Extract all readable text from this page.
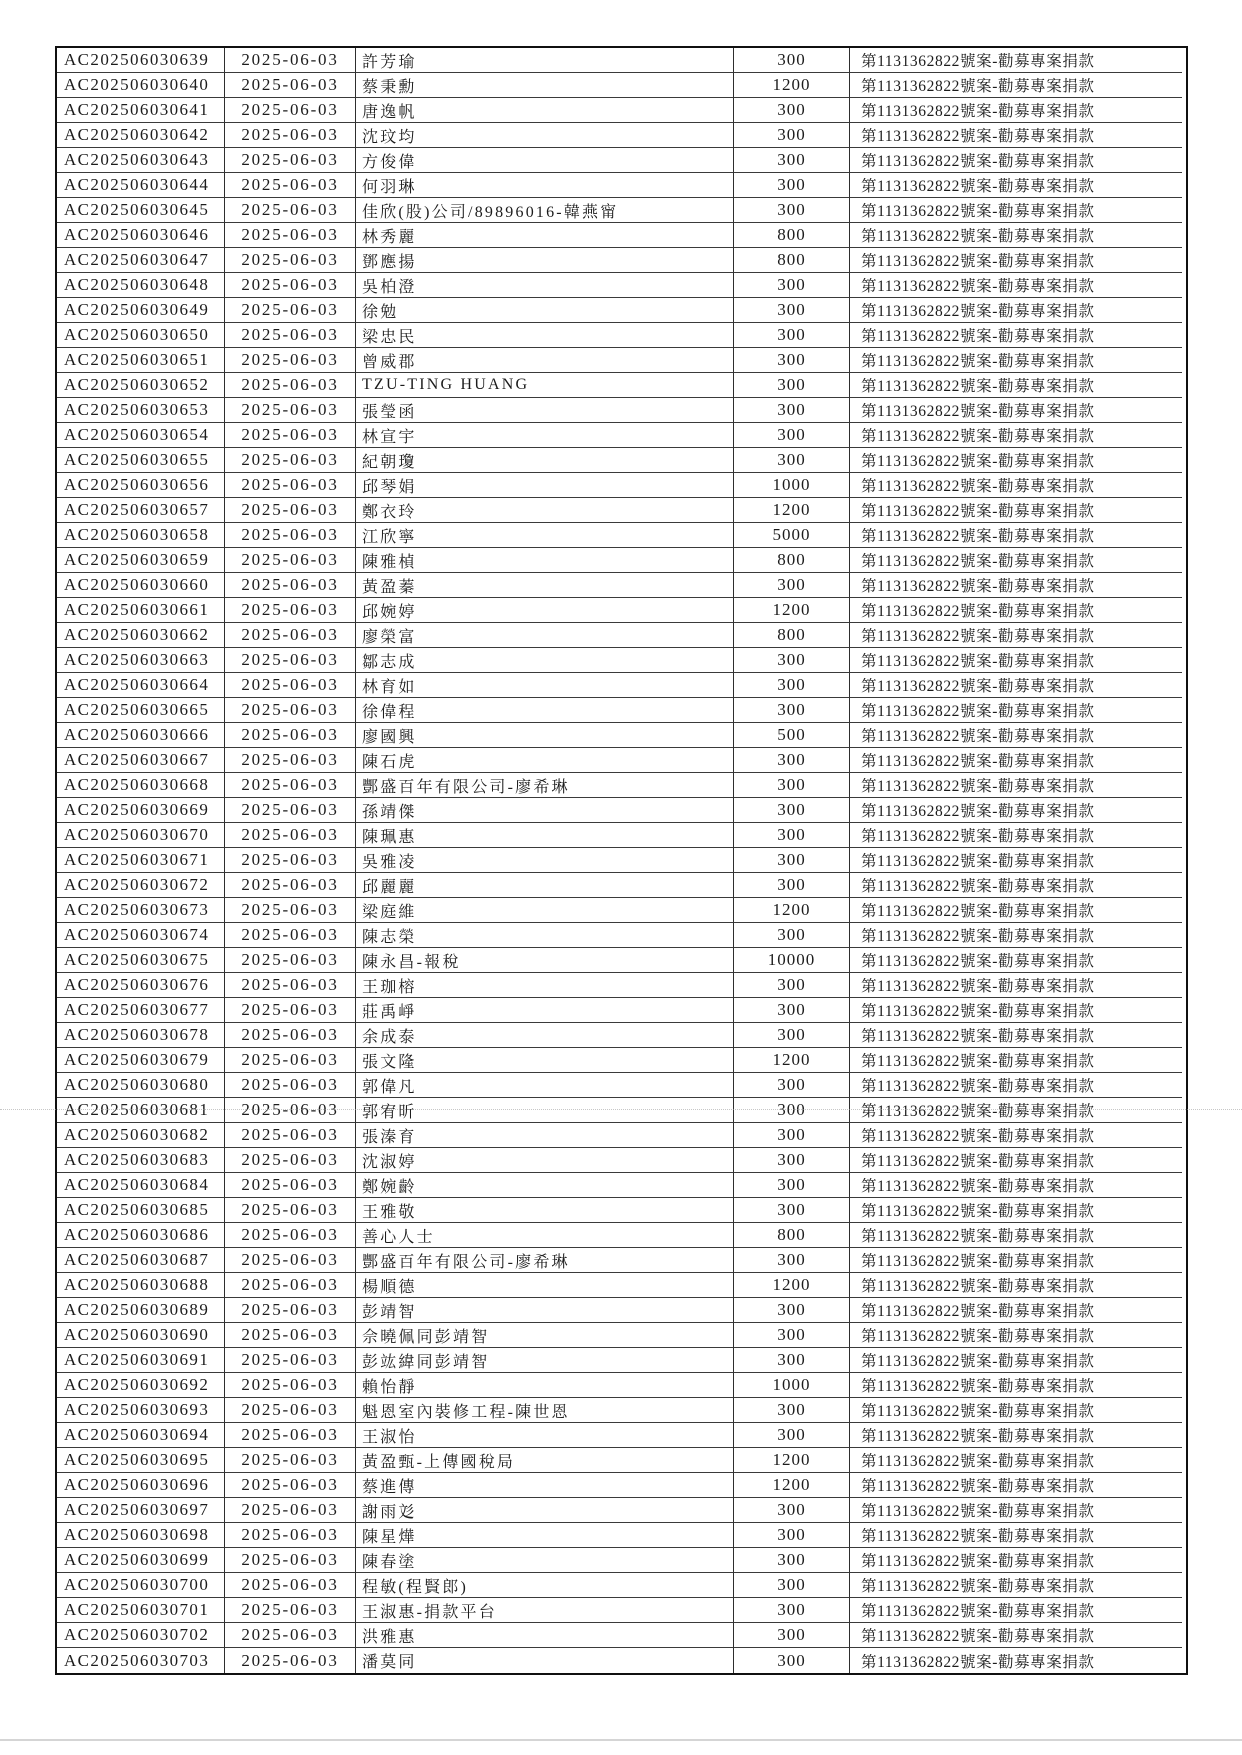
AC202506030639	2025-06-03	許芳瑜	300	第1131362822號案-勸募專案捐款
AC202506030640	2025-06-03	蔡秉勳	1200	第1131362822號案-勸募專案捐款
AC202506030641	2025-06-03	唐逸帆	300	第1131362822號案-勸募專案捐款
AC202506030642	2025-06-03	沈玟均	300	第1131362822號案-勸募專案捐款
AC202506030643	2025-06-03	方俊偉	300	第1131362822號案-勸募專案捐款
AC202506030644	2025-06-03	何羽琳	300	第1131362822號案-勸募專案捐款
AC202506030645	2025-06-03	佳欣(股)公司/89896016-韓燕甯	300	第1131362822號案-勸募專案捐款
AC202506030646	2025-06-03	林秀麗	800	第1131362822號案-勸募專案捐款
AC202506030647	2025-06-03	鄧應揚	800	第1131362822號案-勸募專案捐款
AC202506030648	2025-06-03	吳柏澄	300	第1131362822號案-勸募專案捐款
AC202506030649	2025-06-03	徐勉	300	第1131362822號案-勸募專案捐款
AC202506030650	2025-06-03	梁忠民	300	第1131362822號案-勸募專案捐款
AC202506030651	2025-06-03	曾威郡	300	第1131362822號案-勸募專案捐款
AC202506030652	2025-06-03	TZU-TING HUANG	300	第1131362822號案-勸募專案捐款
AC202506030653	2025-06-03	張瑩函	300	第1131362822號案-勸募專案捐款
AC202506030654	2025-06-03	林宣宇	300	第1131362822號案-勸募專案捐款
AC202506030655	2025-06-03	紀朝瓊	300	第1131362822號案-勸募專案捐款
AC202506030656	2025-06-03	邱琴娟	1000	第1131362822號案-勸募專案捐款
AC202506030657	2025-06-03	鄭衣玲	1200	第1131362822號案-勸募專案捐款
AC202506030658	2025-06-03	江欣寧	5000	第1131362822號案-勸募專案捐款
AC202506030659	2025-06-03	陳雅楨	800	第1131362822號案-勸募專案捐款
AC202506030660	2025-06-03	黃盈蓁	300	第1131362822號案-勸募專案捐款
AC202506030661	2025-06-03	邱婉婷	1200	第1131362822號案-勸募專案捐款
AC202506030662	2025-06-03	廖榮富	800	第1131362822號案-勸募專案捐款
AC202506030663	2025-06-03	鄒志成	300	第1131362822號案-勸募專案捐款
AC202506030664	2025-06-03	林育如	300	第1131362822號案-勸募專案捐款
AC202506030665	2025-06-03	徐偉程	300	第1131362822號案-勸募專案捐款
AC202506030666	2025-06-03	廖國興	500	第1131362822號案-勸募專案捐款
AC202506030667	2025-06-03	陳石虎	300	第1131362822號案-勸募專案捐款
AC202506030668	2025-06-03	酆盛百年有限公司-廖希琳	300	第1131362822號案-勸募專案捐款
AC202506030669	2025-06-03	孫靖傑	300	第1131362822號案-勸募專案捐款
AC202506030670	2025-06-03	陳珮惠	300	第1131362822號案-勸募專案捐款
AC202506030671	2025-06-03	吳雅凌	300	第1131362822號案-勸募專案捐款
AC202506030672	2025-06-03	邱麗麗	300	第1131362822號案-勸募專案捐款
AC202506030673	2025-06-03	梁庭維	1200	第1131362822號案-勸募專案捐款
AC202506030674	2025-06-03	陳志榮	300	第1131362822號案-勸募專案捐款
AC202506030675	2025-06-03	陳永昌-報稅	10000	第1131362822號案-勸募專案捐款
AC202506030676	2025-06-03	王珈榕	300	第1131362822號案-勸募專案捐款
AC202506030677	2025-06-03	莊禹崢	300	第1131362822號案-勸募專案捐款
AC202506030678	2025-06-03	余成泰	300	第1131362822號案-勸募專案捐款
AC202506030679	2025-06-03	張文隆	1200	第1131362822號案-勸募專案捐款
AC202506030680	2025-06-03	郭偉凡	300	第1131362822號案-勸募專案捐款
AC202506030681	2025-06-03	郭宥昕	300	第1131362822號案-勸募專案捐款
AC202506030682	2025-06-03	張溱育	300	第1131362822號案-勸募專案捐款
AC202506030683	2025-06-03	沈淑婷	300	第1131362822號案-勸募專案捐款
AC202506030684	2025-06-03	鄭婉齡	300	第1131362822號案-勸募專案捐款
AC202506030685	2025-06-03	王雅敬	300	第1131362822號案-勸募專案捐款
AC202506030686	2025-06-03	善心人士	800	第1131362822號案-勸募專案捐款
AC202506030687	2025-06-03	酆盛百年有限公司-廖希琳	300	第1131362822號案-勸募專案捐款
AC202506030688	2025-06-03	楊順德	1200	第1131362822號案-勸募專案捐款
AC202506030689	2025-06-03	彭靖智	300	第1131362822號案-勸募專案捐款
AC202506030690	2025-06-03	佘曉佩同彭靖智	300	第1131362822號案-勸募專案捐款
AC202506030691	2025-06-03	彭竑緯同彭靖智	300	第1131362822號案-勸募專案捐款
AC202506030692	2025-06-03	賴怡靜	1000	第1131362822號案-勸募專案捐款
AC202506030693	2025-06-03	魁恩室內裝修工程-陳世恩	300	第1131362822號案-勸募專案捐款
AC202506030694	2025-06-03	王淑怡	300	第1131362822號案-勸募專案捐款
AC202506030695	2025-06-03	黃盈甄-上傳國稅局	1200	第1131362822號案-勸募專案捐款
AC202506030696	2025-06-03	蔡進傳	1200	第1131362822號案-勸募專案捐款
AC202506030697	2025-06-03	謝雨彣	300	第1131362822號案-勸募專案捐款
AC202506030698	2025-06-03	陳星燁	300	第1131362822號案-勸募專案捐款
AC202506030699	2025-06-03	陳春塗	300	第1131362822號案-勸募專案捐款
AC202506030700	2025-06-03	程敏(程賢郎)	300	第1131362822號案-勸募專案捐款
AC202506030701	2025-06-03	王淑惠-捐款平台	300	第1131362822號案-勸募專案捐款
AC202506030702	2025-06-03	洪雅惠	300	第1131362822號案-勸募專案捐款
AC202506030703	2025-06-03	潘莫同	300	第1131362822號案-勸募專案捐款
